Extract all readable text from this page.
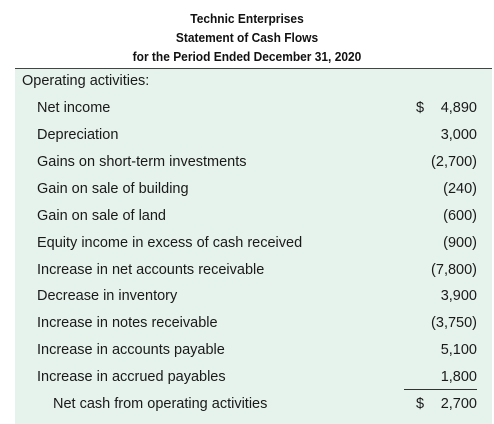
Technic Enterprises
Statement of Cash Flows
for the Period Ended December 31, 2020
Operating activities:
Net income	$ 4,890
Depreciation	3,000
Gains on short-term investments	(2,700)
Gain on sale of building	(240)
Gain on sale of land	(600)
Equity income in excess of cash received	(900)
Increase in net accounts receivable	(7,800)
Decrease in inventory	3,900
Increase in notes receivable	(3,750)
Increase in accounts payable	5,100
Increase in accrued payables	1,800
Net cash from operating activities	$ 2,700
